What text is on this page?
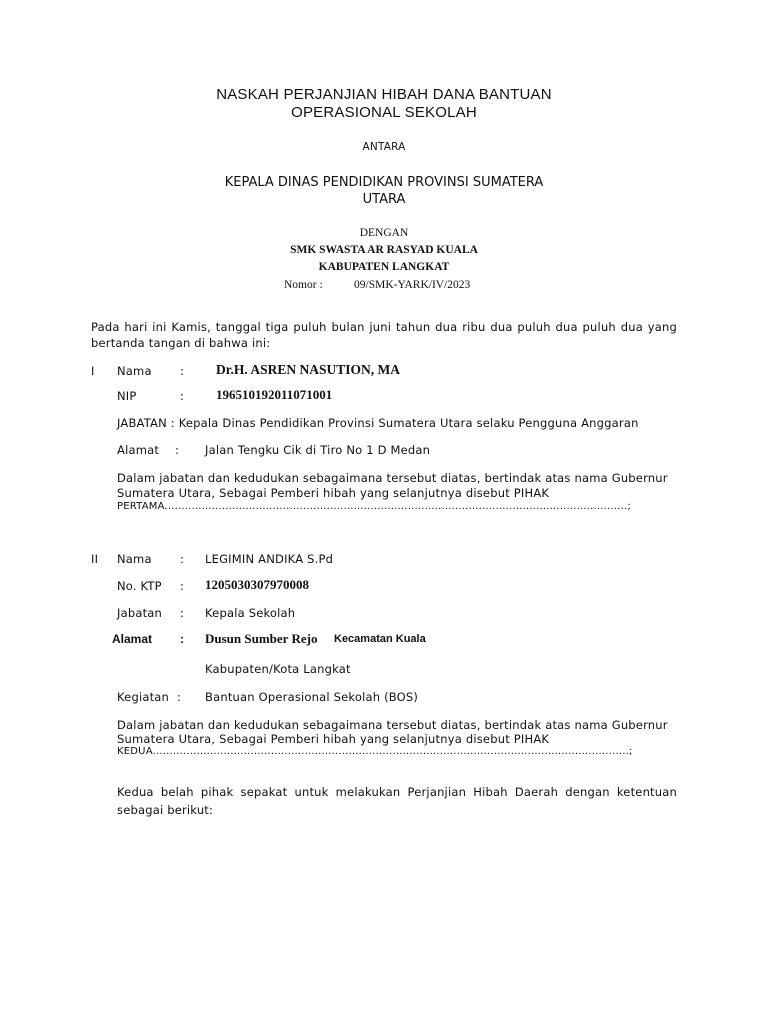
NASKAH PERJANJIAN HIBAH DANA BANTUAN
OPERASIONAL SEKOLAH
ANTARA
KEPALA DINAS PENDIDIKAN PROVINSI SUMATERA
UTARA
DENGAN
SMK SWASTA AR RASYAD KUALA
KABUPATEN LANGKAT
Nomor :	09/SMK-YARK/IV/2023
Pada hari ini Kamis, tanggal tiga puluh bulan juni tahun dua ribu dua puluh dua puluh dua yang
bertanda tangan di bahwa ini:
I Nama : Dr.H. ASREN NASUTION, MA
NIP	: 196510192011071001
JABATAN : Kepala Dinas Pendidikan Provinsi Sumatera Utara selaku Pengguna Anggaran
Alamat : Jalan Tengku Cik di Tiro No 1 D Medan
Dalam jabatan dan kedudukan sebagaimana tersebut diatas, bertindak atas nama Gubernur
Sumatera Utara, Sebagai Pemberi hibah yang selanjutnya disebut PIHAK
PERTAMA.........................................................................................................................................;
II Nama : LEGIMIN ANDIKA S.Pd
No. KTP : 1205030307970008
Jabatan : Kepala Sekolah
Alamat : Dusun Sumber Rejo Kecamatan Kuala
Kabupaten/Kota Langkat
Kegiatan : Bantuan Operasional Sekolah (BOS)
Dalam jabatan dan kedudukan sebagaimana tersebut diatas, bertindak atas nama Gubernur
Sumatera Utara, Sebagai Pemberi hibah yang selanjutnya disebut PIHAK
KEDUA.............................................................................................................................................;
Kedua belah pihak sepakat untuk melakukan Perjanjian Hibah Daerah dengan ketentuan
sebagai berikut:
